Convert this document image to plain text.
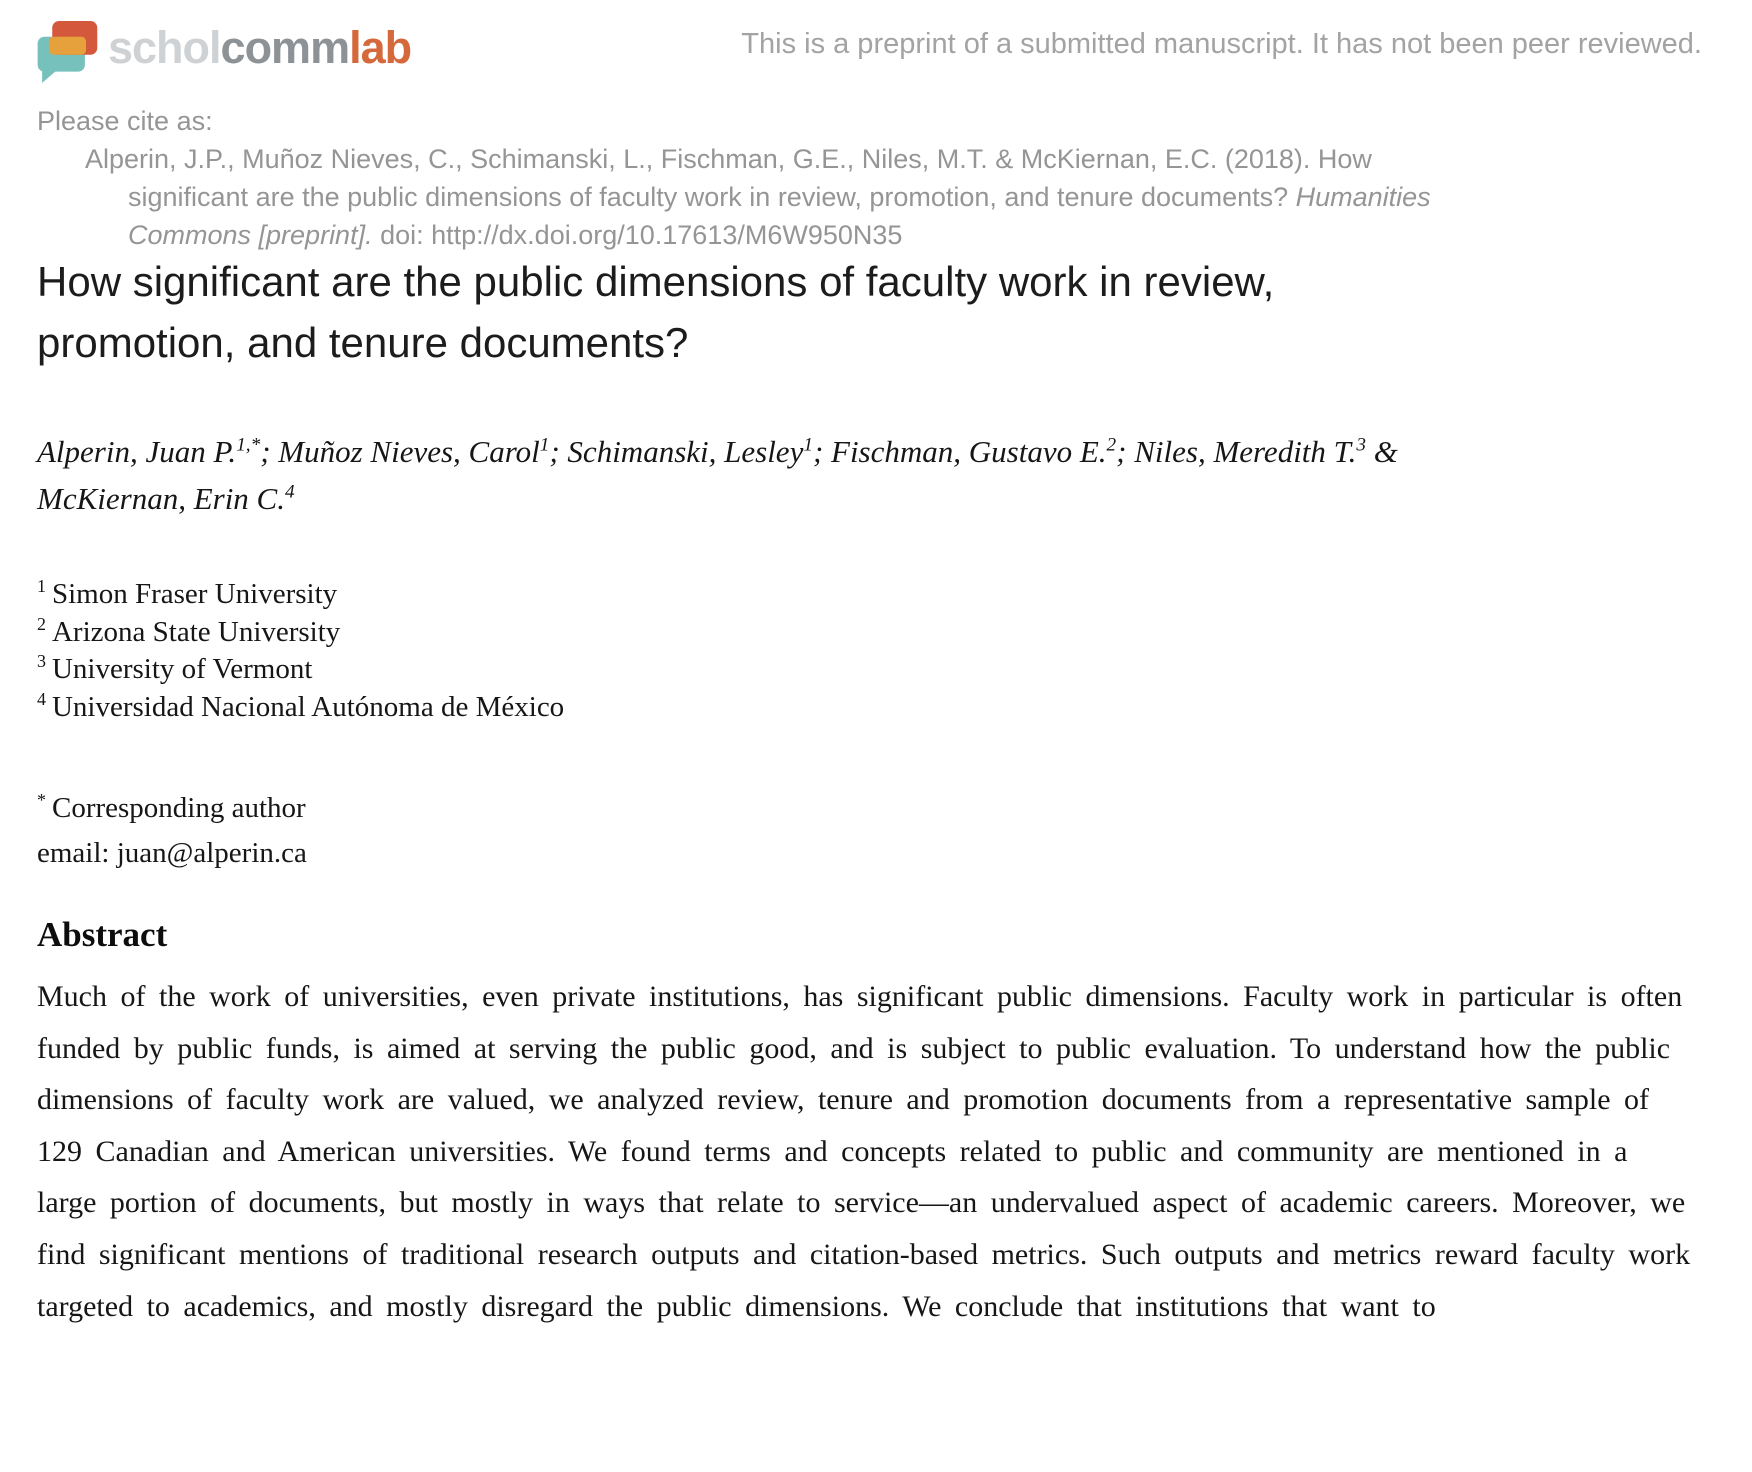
scholcommlab	This is a preprint of a submitted manuscript. It has not been peer reviewed.
Please cite as:
Alperin, J.P., Muñoz Nieves, C., Schimanski, L., Fischman, G.E., Niles, M.T. & McKiernan, E.C. (2018). How
significant are the public dimensions of faculty work in review, promotion, and tenure documents? Humanities
Commons [preprint]. doi: http://dx.doi.org/10.17613/M6W950N35
How significant are the public dimensions of faculty work in review,
promotion, and tenure documents?
Alperin, Juan P.$^{1,*}$; Muñoz Nieves, Carol$^1$; Schimanski, Lesley$^1$; Fischman, Gustavo E.$^2$; Niles, Meredith T.$^3$ &
McKiernan, Erin C.$^4$
$^1$ Simon Fraser University
$^2$ Arizona State University
$^3$ University of Vermont
$^4$ Universidad Nacional Autónoma de México
* Corresponding author
email: juan@alperin.ca
Abstract

Much of the work of universities, even private institutions, has significant public dimensions. Faculty work in particular is often funded by public funds, is aimed at serving the public good, and is subject to public evaluation. To understand how the public dimensions of faculty work are valued, we analyzed review, tenure and promotion documents from a representative sample of 129 Canadian and American universities. We found terms and concepts related to public and community are mentioned in a large portion of documents, but mostly in ways that relate to service—an undervalued aspect of academic careers. Moreover, we find significant mentions of traditional research outputs and citation-based metrics. Such outputs and metrics reward faculty work targeted to academics, and mostly disregard the public dimensions. We conclude that institutions that want to
